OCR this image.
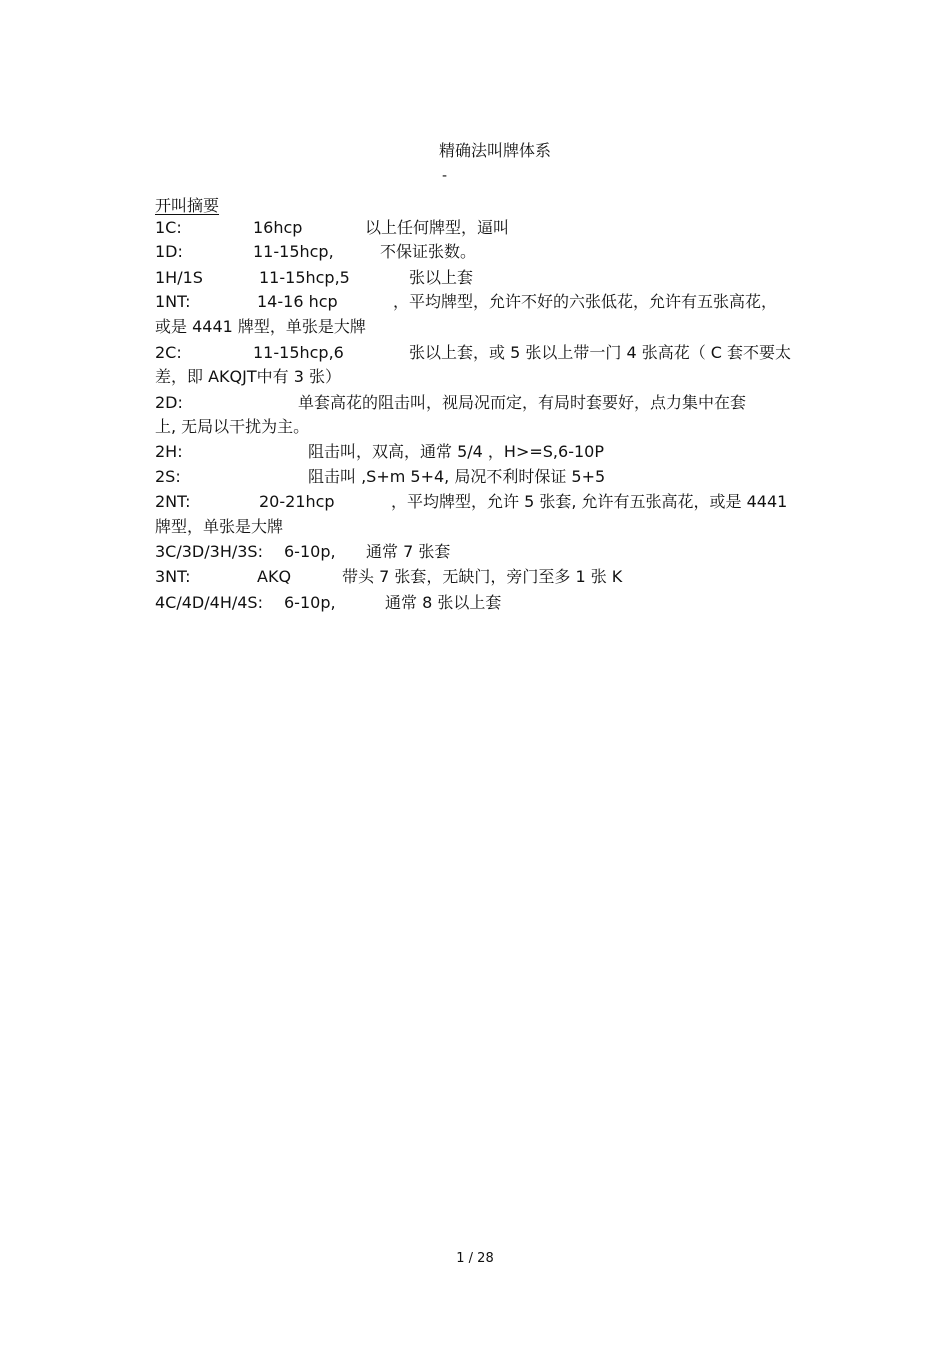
精确法叫牌体系
-
开叫摘要
1C:	16hcp	以上任何牌型，逼叫
1D:	11-15hcp,	不保证张数。
1H/1S	11-15hcp,5	张以上套
1NT:	14-16 hcp	，平均牌型，允许不好的六张低花，允许有五张高花，
或是 4441 牌型，单张是大牌
2C:	11-15hcp,6	张以上套，或 5 张以上带一门 4 张高花（ C 套不要太
差，即 AKQJT中有 3 张）
2D:	单套高花的阻击叫，视局况而定，有局时套要好，点力集中在套
上, 无局以干扰为主。
2H:	阻击叫，双高，通常 5/4 ，H>=S,6-10P
2S:	阻击叫 ,S+m 5+4, 局况不利时保证 5+5
2NT:	20-21hcp	，平均牌型，允许 5 张套, 允许有五张高花，或是 4441
牌型，单张是大牌
3C/3D/3H/3S: 6-10p, 通常 7 张套
3NT:	AKQ	带头 7 张套，无缺门，旁门至多 1 张 K
4C/4D/4H/4S: 6-10p,	通常 8 张以上套
1 / 28
